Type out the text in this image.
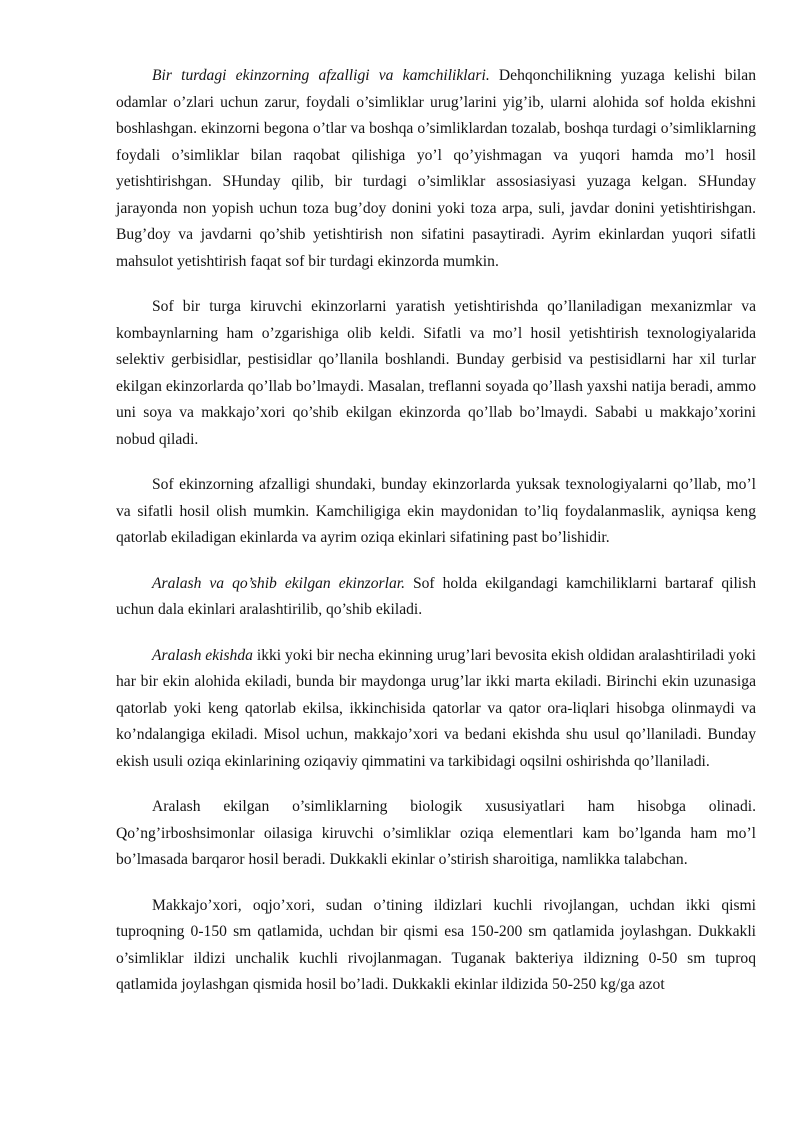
Bir turdagi ekinzorning afzalligi va kamchiliklari. Dehqonchilikning yuzaga kelishi bilan odamlar o’zlari uchun zarur, foydali o’simliklar urug’larini yig’ib, ularni alohida sof holda ekishni boshlashgan. ekinzorni begona o’tlar va boshqa o’simliklardan tozalab, boshqa turdagi o’simliklarning foydali o’simliklar bilan raqobat qilishiga yo’l qo’yishmagan va yuqori hamda mo’l hosil yetishtirishgan. SHunday qilib, bir turdagi o’simliklar assosiasiyasi yuzaga kelgan. SHunday jarayonda non yopish uchun toza bug’doy donini yoki toza arpa, suli, javdar donini yetishtirishgan. Bug’doy va javdarni qo’shib yetishtirish non sifatini pasaytiradi. Ayrim ekinlardan yuqori sifatli mahsulot yetishtirish faqat sof bir turdagi ekinzorda mumkin.

Sof bir turga kiruvchi ekinzorlarni yaratish yetishtirishda qo’llaniladigan mexanizmlar va kombaynlarning ham o’zgarishiga olib keldi. Sifatli va mo’l hosil yetishtirish texnologiyalarida selektiv gerbisidlar, pestisidlar qo’llanila boshlandi. Bunday gerbisid va pestisidlarni har xil turlar ekilgan ekinzorlarda qo’llab bo’lmaydi. Masalan, treflanni soyada qo’llash yaxshi natija beradi, ammo uni soya va makkajo’xori qo’shib ekilgan ekinzorda qo’llab bo’lmaydi. Sababi u makkajo’xorini nobud qiladi.

Sof ekinzorning afzalligi shundaki, bunday ekinzorlarda yuksak texnologiyalarni qo’llab, mo’l va sifatli hosil olish mumkin. Kamchiligiga ekin maydonidan to’liq foydalanmaslik, ayniqsa keng qatorlab ekiladigan ekinlarda va ayrim oziqa ekinlari sifatining past bo’lishidir.

Aralash va qo’shib ekilgan ekinzorlar. Sof holda ekilgandagi kamchiliklarni bartaraf qilish uchun dala ekinlari aralashtirilib, qo’shib ekiladi.

Aralash ekishda ikki yoki bir necha ekinning urug’lari bevosita ekish oldidan aralashtiriladi yoki har bir ekin alohida ekiladi, bunda bir maydonga urug’lar ikki marta ekiladi. Birinchi ekin uzunasiga qatorlab yoki keng qatorlab ekilsa, ikkinchisida qatorlar va qator ora-liqlari hisobga olinmaydi va ko’ndalangiga ekiladi. Misol uchun, makkajo’xori va bedani ekishda shu usul qo’llaniladi. Bunday ekish usuli oziqa ekinlarining oziqaviy qimmatini va tarkibidagi oqsilni oshirishda qo’llaniladi.

Aralash ekilgan o’simliklarning biologik xususiyatlari ham hisobga olinadi. Qo’ng’irboshsimonlar oilasiga kiruvchi o’simliklar oziqa elementlari kam bo’lganda ham mo’l bo’lmasada barqaror hosil beradi. Dukkakli ekinlar o’stirish sharoitiga, namlikka talabchan.

Makkajo’xori, oqjo’xori, sudan o’tining ildizlari kuchli rivojlangan, uchdan ikki qismi tuproqning 0-150 sm qatlamida, uchdan bir qismi esa 150-200 sm qatlamida joylashgan. Dukkakli o’simliklar ildizi unchalik kuchli rivojlanmagan. Tuganak bakteriya ildizning 0-50 sm tuproq qatlamida joylashgan qismida hosil bo’ladi. Dukkakli ekinlar ildizida 50-250 kg/ga azot
